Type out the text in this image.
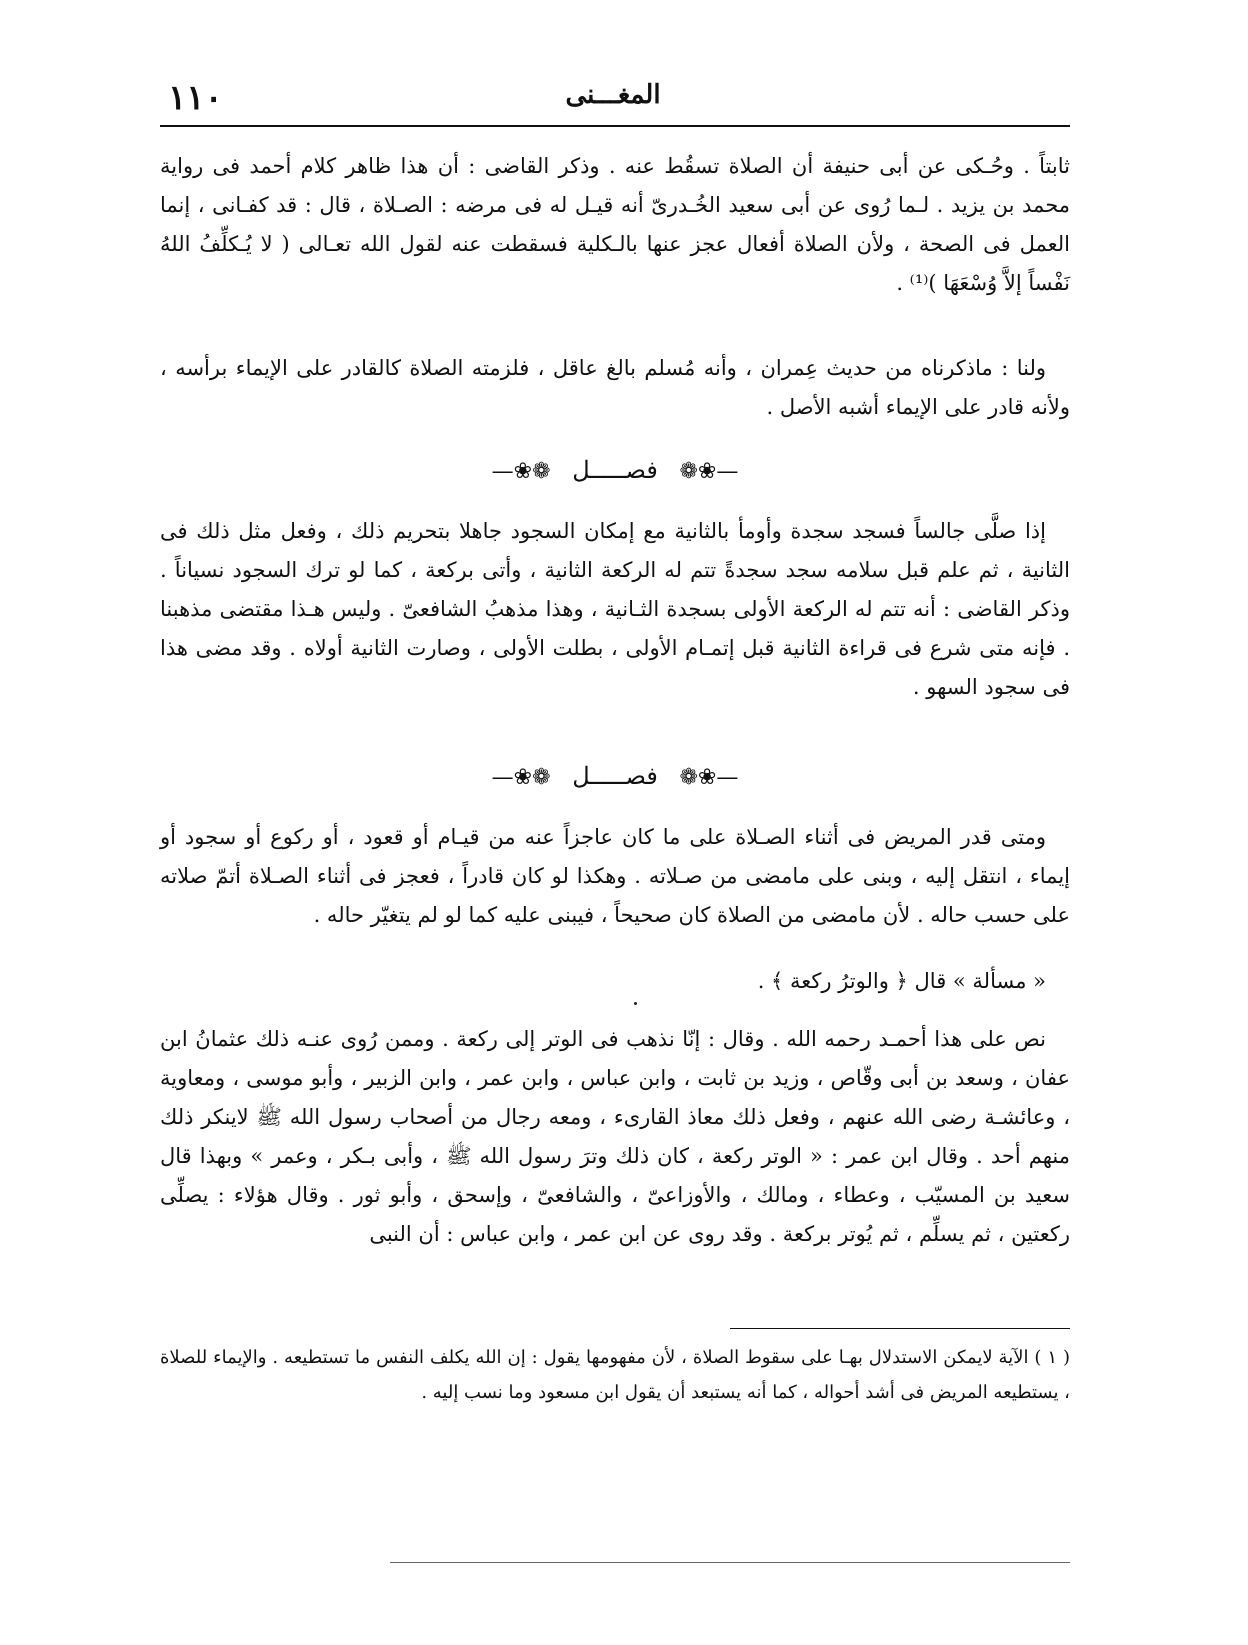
١١٠	المغـــنى

ثابتاً . وحُـكى عن أبى حنيفة أن الصلاة تسقُط عنه . وذكر القاضى : أن هذا ظاهر كلام أحمد فى رواية محمد بن يزيد . لـما رُوى عن أبى سعيد الخُـدرىّ أنه قيـل له فى مرضه : الصـلاة ، قال : قد كفـانى ، إنما العمل فى الصحة ، ولأن الصلاة أفعال عجز عنها بالـكلية فسقطت عنه لقول الله تعـالى ( لا يُـكلِّفُ اللهُ نَفْساً إلاَّ وُسْعَهَا )⁽¹⁾ .

ولنا : ماذكرناه من حديث عِمران ، وأنه مُسلم بالغ عاقل ، فلزمته الصلاة كالقادر على الإيماء برأسه ، ولأنه قادر على الإيماء أشبه الأصل .

—❀❁ فصـــــل ❁❀—

إذا صلَّى جالساً فسجد سجدة وأومأ بالثانية مع إمكان السجود جاهلا بتحريم ذلك ، وفعل مثل ذلك فى الثانية ، ثم علم قبل سلامه سجد سجدةً تتم له الركعة الثانية ، وأتى بركعة ، كما لو ترك السجود نسياناً . وذكر القاضى : أنه تتم له الركعة الأولى بسجدة الثـانية ، وهذا مذهبُ الشافعىّ . وليس هـذا مقتضى مذهبنا . فإنه متى شرع فى قراءة الثانية قبل إتمـام الأولى ، بطلت الأولى ، وصارت الثانية أولاه . وقد مضى هذا فى سجود السهو .

—❀❁ فصـــــل ❁❀—

ومتى قدر المريض فى أثناء الصـلاة على ما كان عاجزاً عنه من قيـام أو قعود ، أو ركوع أو سجود أو إيماء ، انتقل إليه ، وبنى على مامضى من صـلاته . وهكذا لو كان قادراً ، فعجز فى أثناء الصـلاة أتمّ صلاته على حسب حاله . لأن مامضى من الصلاة كان صحيحاً ، فيبنى عليه كما لو لم يتغيّر حاله .

« مسألة » قال ﴿ والوترُ ركعة ﴾ .

نص على هذا أحمـد رحمه الله . وقال : إنّا نذهب فى الوتر إلى ركعة . وممن رُوى عنـه ذلك عثمانُ ابن عفان ، وسعد بن أبى وقّاص ، وزيد بن ثابت ، وابن عباس ، وابن عمر ، وابن الزبير ، وأبو موسى ، ومعاوية ، وعائشـة رضى الله عنهم ، وفعل ذلك معاذ القارىء ، ومعه رجال من أصحاب رسول الله ﷺ لاينكر ذلك منهم أحد . وقال ابن عمر : « الوتر ركعة ، كان ذلك وترَ رسول الله ﷺ ، وأبى بـكر ، وعمر » وبهذا قال سعيد بن المسيّب ، وعطاء ، ومالك ، والأوزاعىّ ، والشافعىّ ، وإسحق ، وأبو ثور . وقال هؤلاء : يصلِّى ركعتين ، ثم يسلِّم ، ثم يُوتر بركعة . وقد روى عن ابن عمر ، وابن عباس : أن النبى

( ١ ) الآية لايمكن الاستدلال بهـا على سقوط الصلاة ، لأن مفهومها يقول : إن الله يكلف النفس ما تستطيعه . والإيماء للصلاة ، يستطيعه المريض فى أشد أحواله ، كما أنه يستبعد أن يقول ابن مسعود وما نسب إليه .
